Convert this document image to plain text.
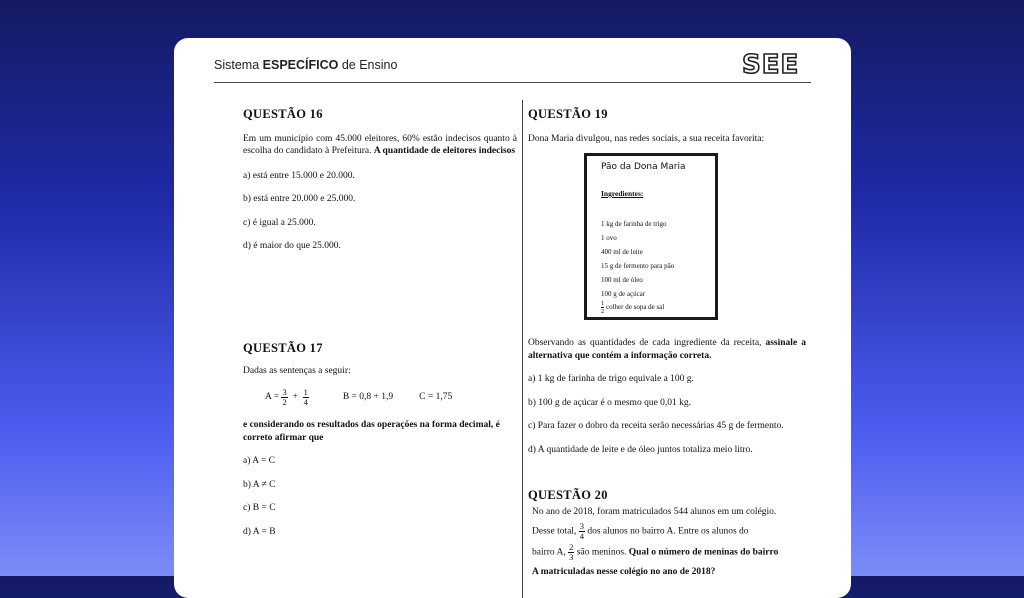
Sistema ESPECÍFICO de Ensino	SEE
QUESTÃO 16

Em um município com 45.000 eleitores, 60% estão indecisos quanto à escolha do candidato à Prefeitura. A quantidade de eleitores indecisos

a) está entre 15.000 e 20.000.

b) está entre 20.000 e 25.000.

c) é igual a 25.000.

d) é maior do que 25.000.

QUESTÃO 17

Dadas as sentenças a seguir:

A =
$\frac{3}{2}$
+
$\frac{1}{4}$	B = 0,8 + 1,9	C = 1,75

e considerando os resultados das operações na forma decimal, é correto afirmar que

a) A = C

b) A ≠ C

c) B = C

d) A = B

QUESTÃO 19

Dona Maria divulgou, nas redes sociais, a sua receita favorita:

Pão da Dona Maria
Ingredientes:
1 kg de farinha de trigo
1 ovo
400 ml de leite
15 g de fermento para pão
100 ml de óleo
100 g de açúcar
$\frac{1}{2}$ colher de sopa de sal

Observando as quantidades de cada ingrediente da receita, assinale a alternativa que contém a informação correta.

a) 1 kg de farinha de trigo equivale a 100 g.

b) 100 g de açúcar é o mesmo que 0,01 kg.

c) Para fazer o dobro da receita serão necessárias 45 g de fermento.

d) A quantidade de leite e de óleo juntos totaliza meio litro.

QUESTÃO 20

No ano de 2018, foram matriculados 544 alunos em um colégio.

Desse total, $\frac{3}{4}$ dos alunos no bairro A. Entre os alunos do

bairro A, $\frac{2}{3}$ são meninos. Qual o número de meninas do bairro

A matriculadas nesse colégio no ano de 2018?
